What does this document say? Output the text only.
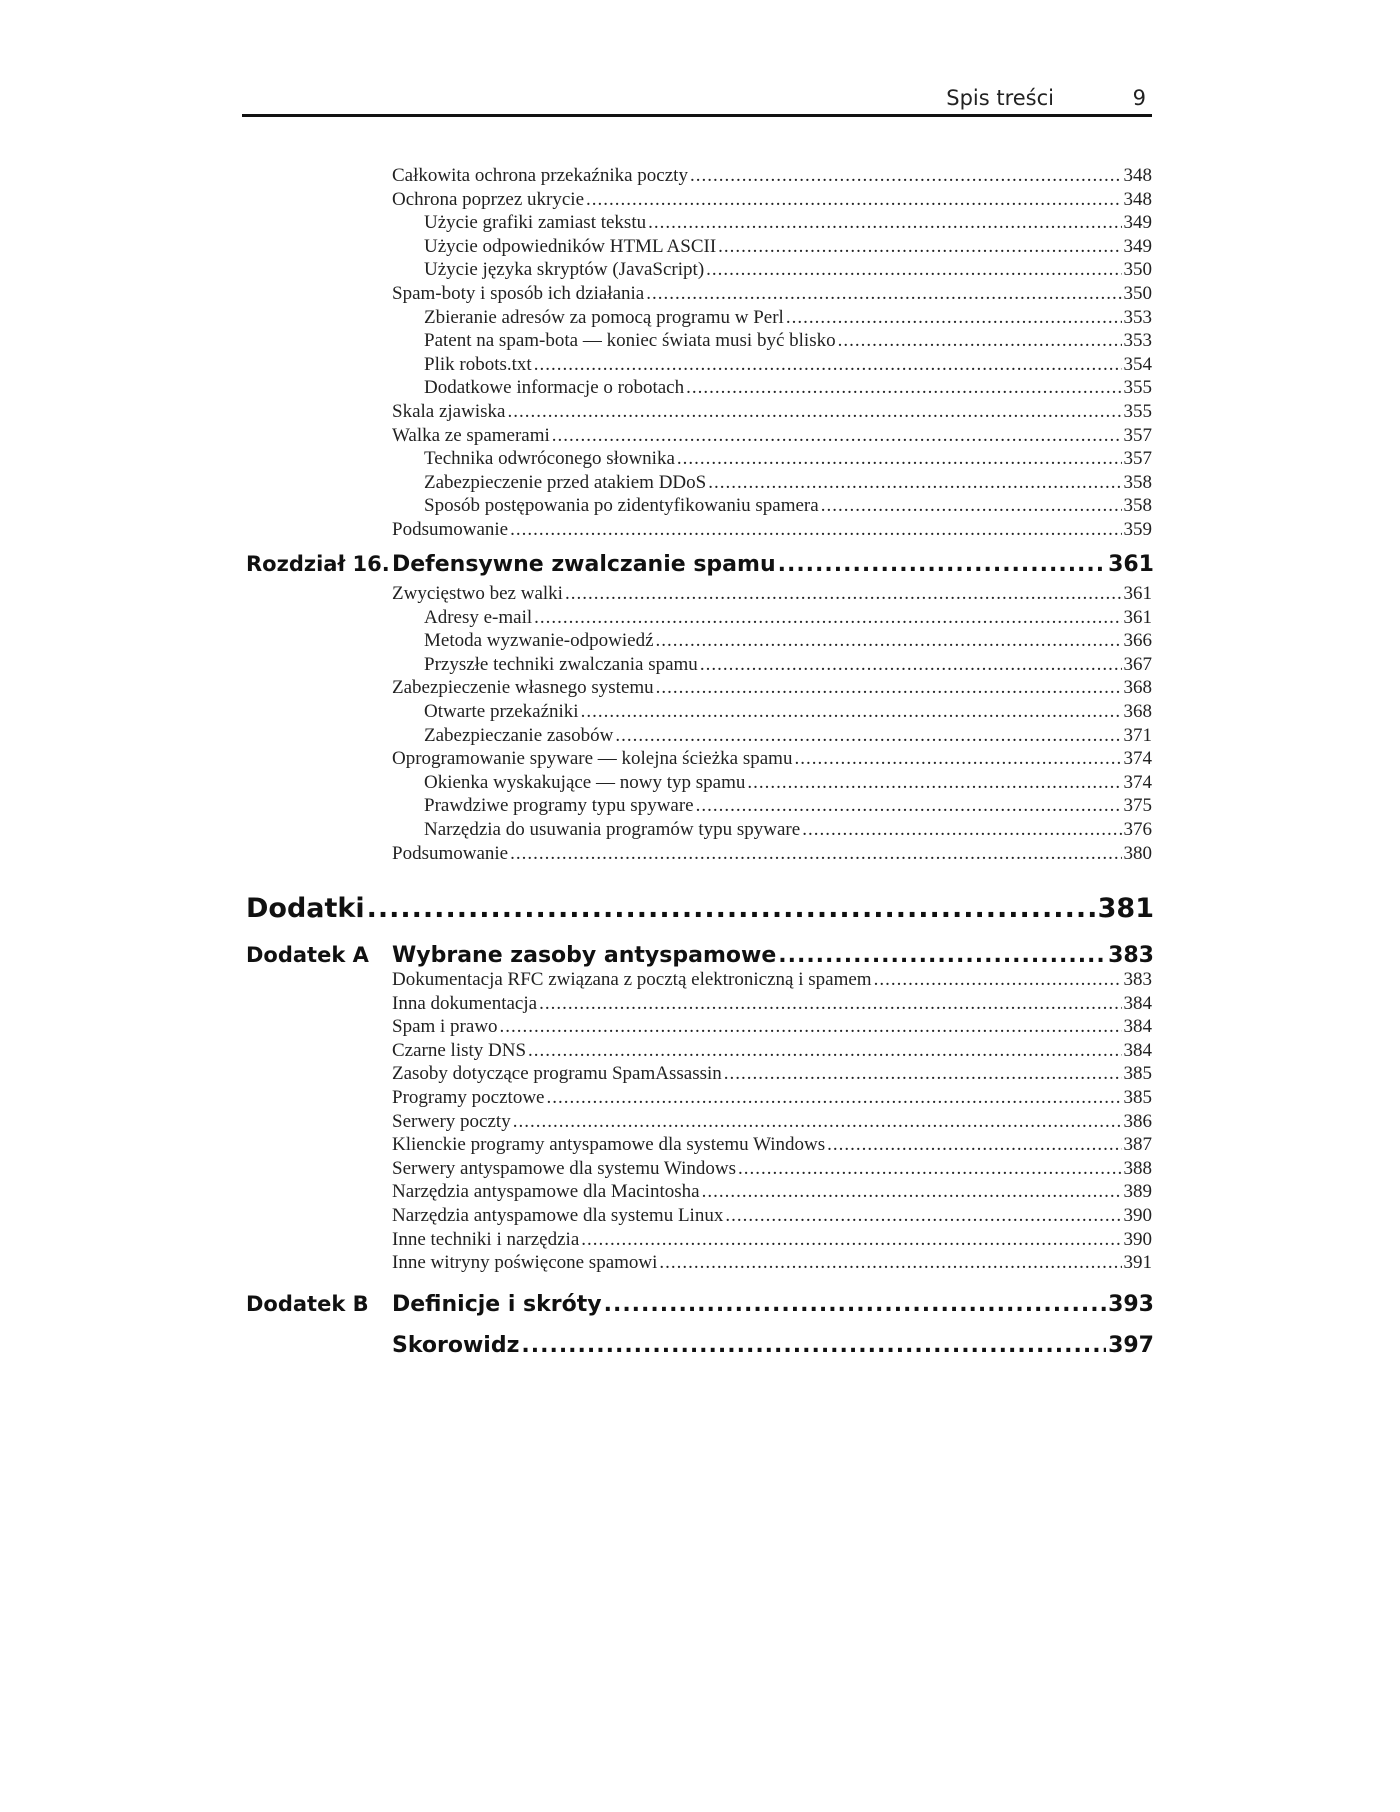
Spis treści	9
Rozdział 16. Defensywne zwalczanie spamu .....	361
Dodatki .....	381
Dodatek A Wybrane zasoby antyspamowe .....	383
Dodatek B Definicje i skróty .....	393
Skorowidz .....	397
Całkowita ochrona przekaźnika poczty .....	348
Ochrona poprzez ukrycie .....	348
Użycie grafiki zamiast tekstu .....	349
Użycie odpowiedników HTML ASCII .....	349
Użycie języka skryptów (JavaScript) .....	350
Spam-boty i sposób ich działania .....	350
Zbieranie adresów za pomocą programu w Perl .....	353
Patent na spam-bota — koniec świata musi być blisko .....	353
Plik robots.txt .....	354
Dodatkowe informacje o robotach .....	355
Skala zjawiska .....	355
Walka ze spamerami .....	357
Technika odwróconego słownika .....	357
Zabezpieczenie przed atakiem DDoS .....	358
Sposób postępowania po zidentyfikowaniu spamera .....	358
Podsumowanie .....	359
Zwycięstwo bez walki .....	361
Adresy e-mail .....	361
Metoda wyzwanie-odpowiedź .....	366
Przyszłe techniki zwalczania spamu .....	367
Zabezpieczenie własnego systemu .....	368
Otwarte przekaźniki .....	368
Zabezpieczanie zasobów .....	371
Oprogramowanie spyware — kolejna ścieżka spamu .....	374
Okienka wyskakujące — nowy typ spamu .....	374
Prawdziwe programy typu spyware .....	375
Narzędzia do usuwania programów typu spyware .....	376
Podsumowanie .....	380
Dokumentacja RFC związana z pocztą elektroniczną i spamem .....	383
Inna dokumentacja .....	384
Spam i prawo .....	384
Czarne listy DNS .....	384
Zasoby dotyczące programu SpamAssassin .....	385
Programy pocztowe .....	385
Serwery poczty .....	386
Klienckie programy antyspamowe dla systemu Windows .....	387
Serwery antyspamowe dla systemu Windows .....	388
Narzędzia antyspamowe dla Macintosha .....	389
Narzędzia antyspamowe dla systemu Linux .....	390
Inne techniki i narzędzia .....	390
Inne witryny poświęcone spamowi .....	391
